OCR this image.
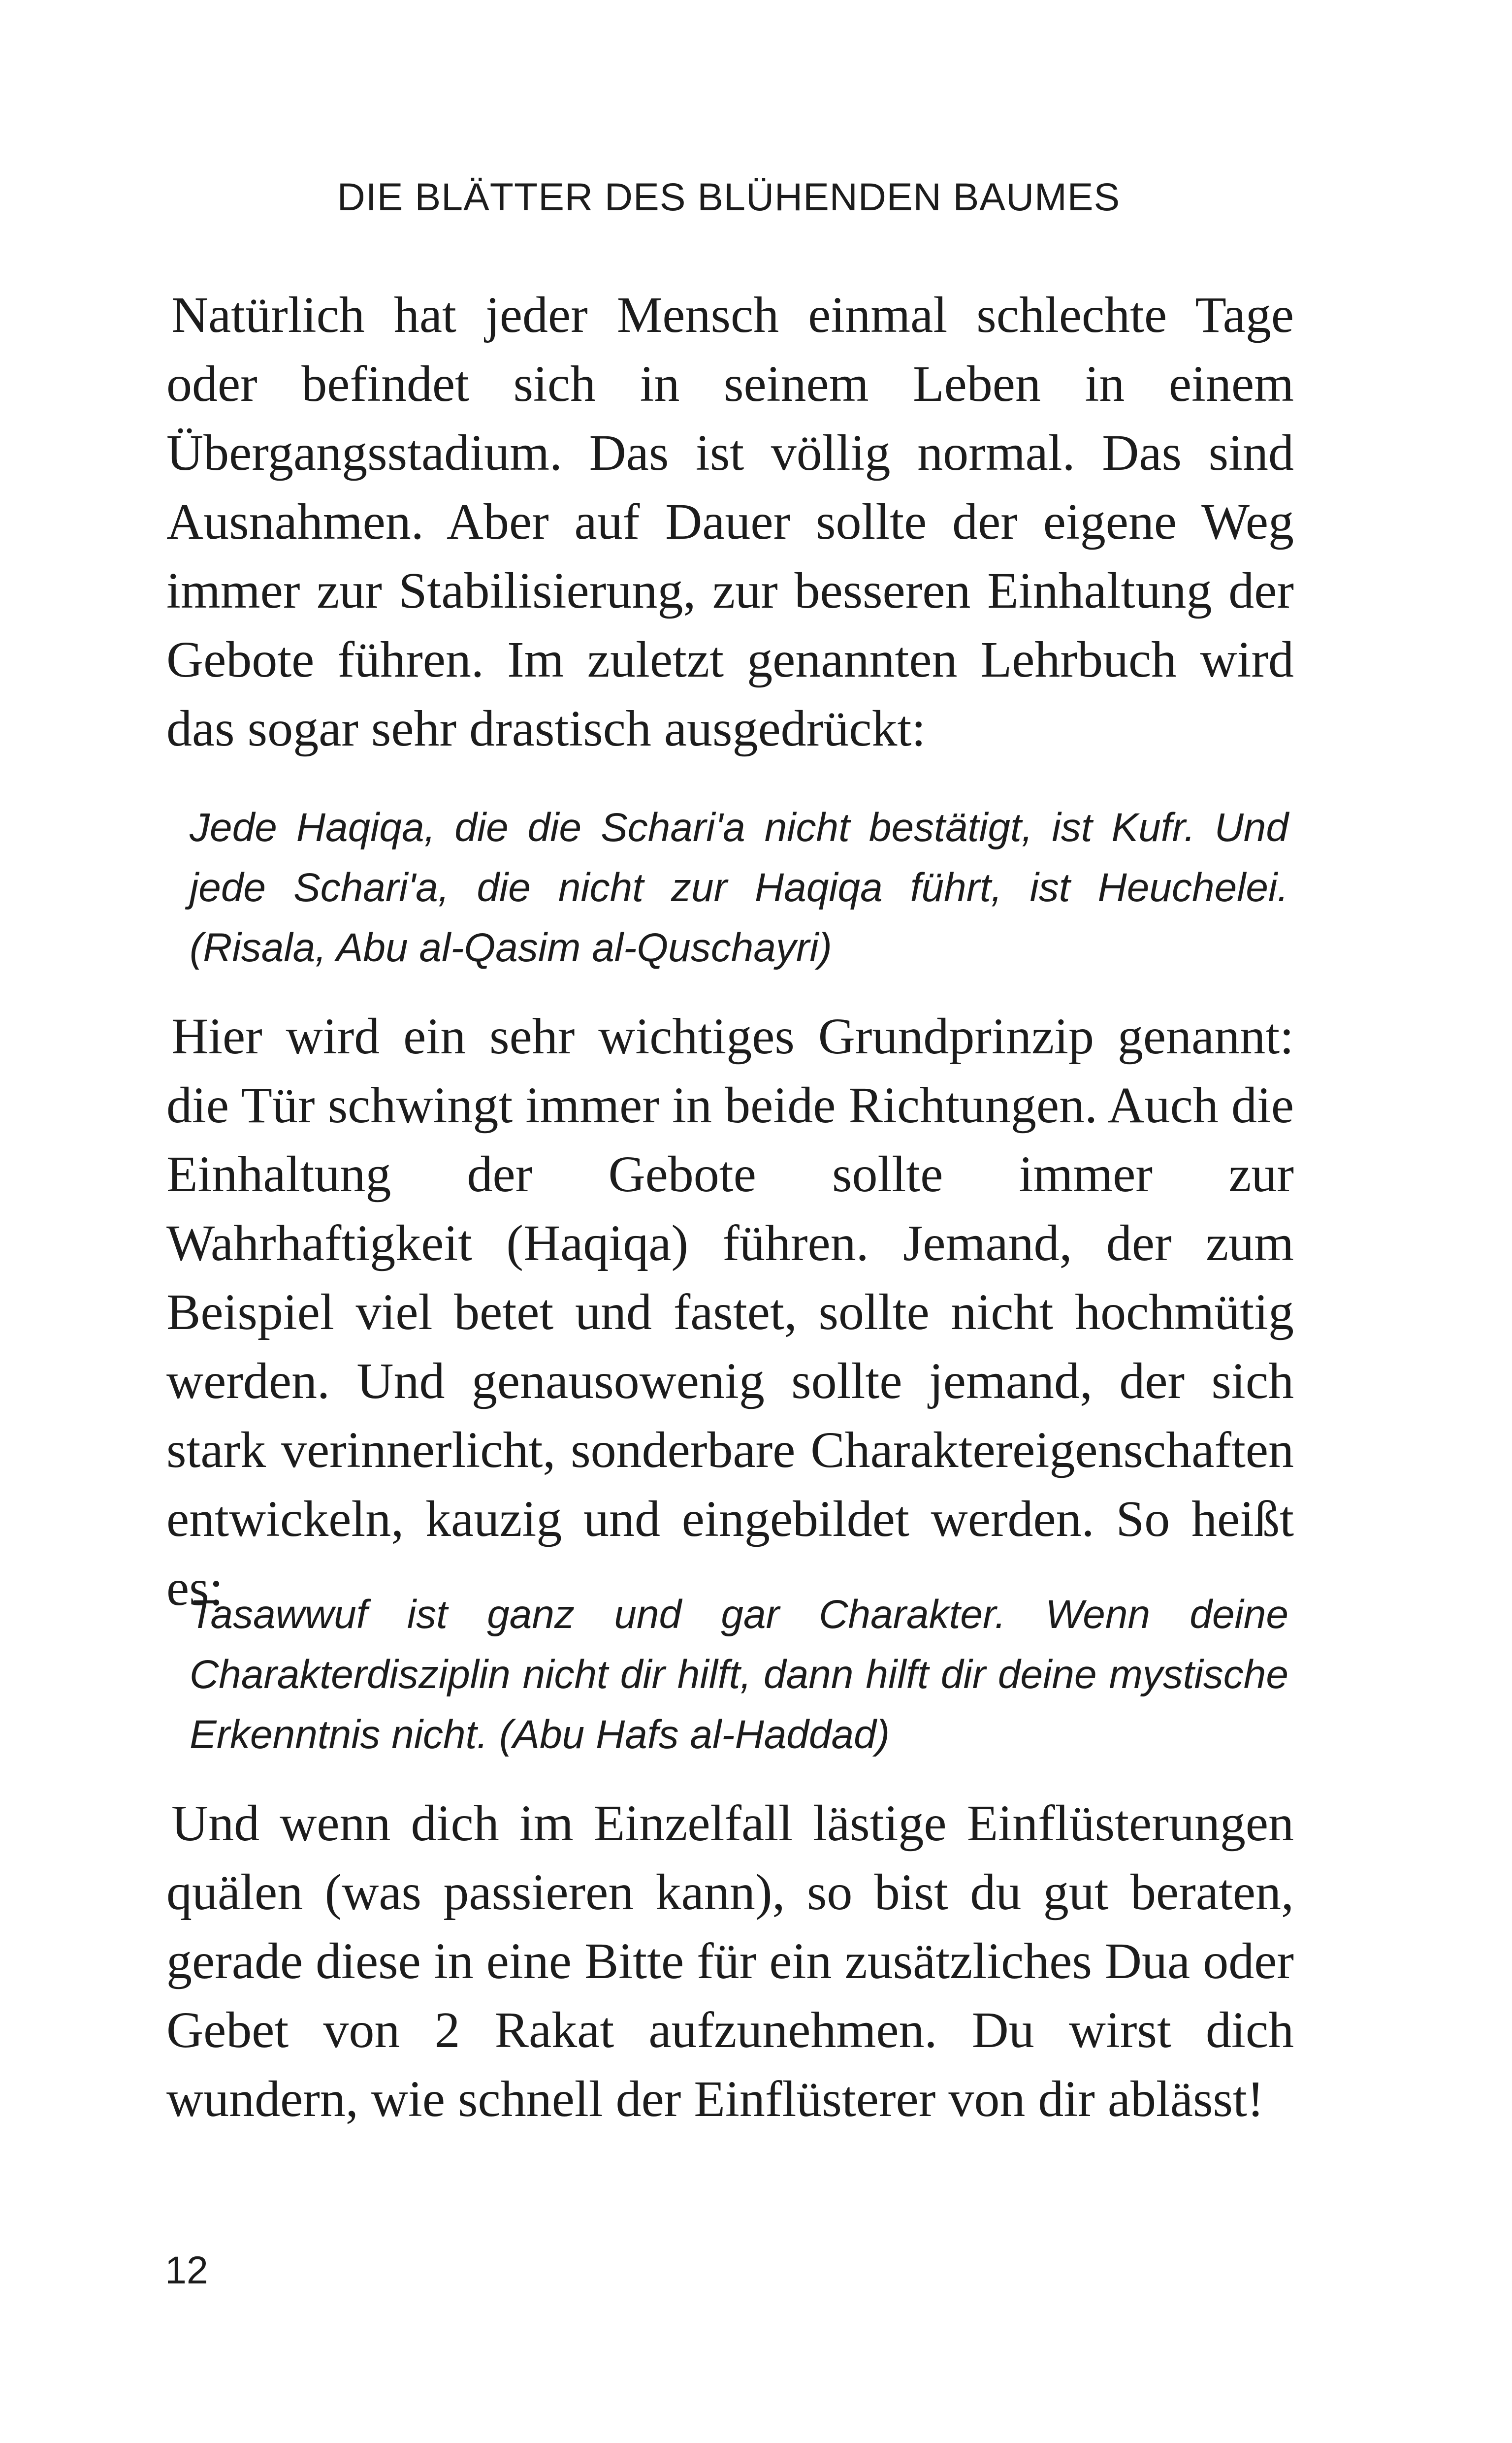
DIE BLÄTTER DES BLÜHENDEN BAUMES

Natürlich hat jeder Mensch einmal schlechte Tage oder befindet sich in seinem Leben in einem Übergangsstadium. Das ist völlig normal. Das sind Ausnahmen. Aber auf Dauer sollte der eigene Weg immer zur Stabilisierung, zur besseren Einhaltung der Gebote führen. Im zuletzt genannten Lehrbuch wird das sogar sehr drastisch ausgedrückt:

Jede Haqiqa, die die Schari'a nicht bestätigt, ist Kufr. Und jede Schari'a, die nicht zur Haqiqa führt, ist Heuchelei. (Risala, Abu al-Qasim al-Quschayri)

Hier wird ein sehr wichtiges Grundprinzip genannt: die Tür schwingt immer in beide Richtungen. Auch die Einhaltung der Gebote sollte immer zur Wahrhaftigkeit (Haqiqa) führen. Jemand, der zum Beispiel viel betet und fastet, sollte nicht hochmütig werden. Und genausowenig sollte jemand, der sich stark verinnerlicht, sonderbare Charaktereigenschaften entwickeln, kauzig und eingebildet werden. So heißt es:

Tasawwuf ist ganz und gar Charakter. Wenn deine Charakterdisziplin nicht dir hilft, dann hilft dir deine mystische Erkenntnis nicht. (Abu Hafs al-Haddad)

Und wenn dich im Einzelfall lästige Einflüsterungen quälen (was passieren kann), so bist du gut beraten, gerade diese in eine Bitte für ein zusätzliches Dua oder Gebet von 2 Rakat aufzunehmen. Du wirst dich wundern, wie schnell der Einflüsterer von dir ablässt!

12
